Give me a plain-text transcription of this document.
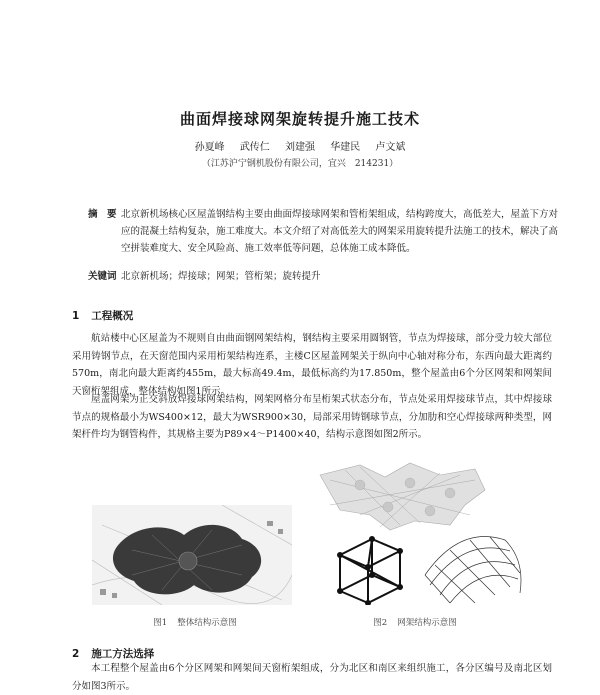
曲面焊接球网架旋转提升施工技术
孙夏峰 武传仁 刘建强 华建民 卢文斌
（江苏沪宁钢机股份有限公司，宜兴　214231）
摘　要 北京新机场核心区屋盖钢结构主要由曲面焊接球网架和管桁架组成，结构跨度大，高低差大，屋盖下方对应的混凝土结构复杂，施工难度大。本文介绍了对高低差大的网架采用旋转提升法施工的技术，解决了高空拼装难度大、安全风险高、施工效率低等问题，总体施工成本降低。
关键词 北京新机场；焊接球；网架；管桁架；旋转提升
1 工程概况
航站楼中心区屋盖为不规则自由曲面钢网架结构，钢结构主要采用圆钢管，节点为焊接球，部分受力较大部位采用铸钢节点，在天窗范围内采用桁架结构连系，主楼C区屋盖网架关于纵向中心轴对称分布，东西向最大距离约570m，南北向最大距离约455m，最大标高49.4m，最低标高约为17.850m，整个屋盖由6个分区网架和网架间天窗桁架组成，整体结构如图1所示。
屋盖网架为正交斜放焊接球网架结构，网架网格分布呈桁架式状态分布，节点处采用焊接球节点，其中焊接球节点的规格最小为WS400×12，最大为WSR900×30，局部采用铸钢球节点，分加肋和空心焊接球两种类型，网架杆件均为钢管构件，其规格主要为P89×4～P1400×40，结构示意图如图2所示。
图1 整体结构示意图	图2 网架结构示意图
2 施工方法选择
本工程整个屋盖由6个分区网架和网架间天窗桁架组成，分为北区和南区来组织施工，各分区编号及南北区划分如图3所示。
